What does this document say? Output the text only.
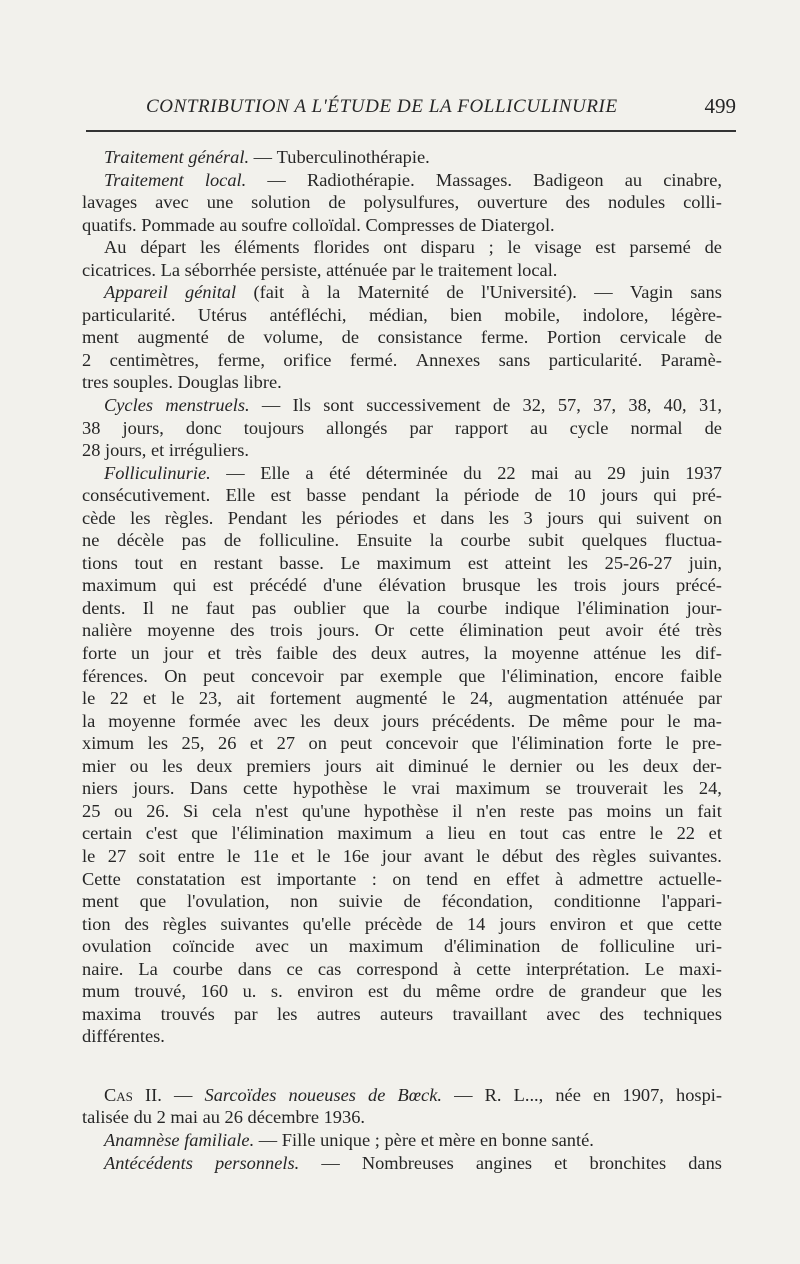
CONTRIBUTION A L'ÉTUDE DE LA FOLLICULINURIE	499
Traitement général. — Tuberculinothérapie.
Traitement local. — Radiothérapie. Massages. Badigeon au cinabre,
lavages avec une solution de polysulfures, ouverture des nodules colli-
quatifs. Pommade au soufre colloïdal. Compresses de Diatergol.
Au départ les éléments florides ont disparu ; le visage est parsemé de
cicatrices. La séborrhée persiste, atténuée par le traitement local.
Appareil génital (fait à la Maternité de l'Université). — Vagin sans
particularité. Utérus antéfléchi, médian, bien mobile, indolore, légère-
ment augmenté de volume, de consistance ferme. Portion cervicale de
2 centimètres, ferme, orifice fermé. Annexes sans particularité. Paramè-
tres souples. Douglas libre.
Cycles menstruels. — Ils sont successivement de 32, 57, 37, 38, 40, 31,
38 jours, donc toujours allongés par rapport au cycle normal de
28 jours, et irréguliers.
Folliculinurie. — Elle a été déterminée du 22 mai au 29 juin 1937
consécutivement. Elle est basse pendant la période de 10 jours qui pré-
cède les règles. Pendant les périodes et dans les 3 jours qui suivent on
ne décèle pas de folliculine. Ensuite la courbe subit quelques fluctua-
tions tout en restant basse. Le maximum est atteint les 25-26-27 juin,
maximum qui est précédé d'une élévation brusque les trois jours précé-
dents. Il ne faut pas oublier que la courbe indique l'élimination jour-
nalière moyenne des trois jours. Or cette élimination peut avoir été très
forte un jour et très faible des deux autres, la moyenne atténue les dif-
férences. On peut concevoir par exemple que l'élimination, encore faible
le 22 et le 23, ait fortement augmenté le 24, augmentation atténuée par
la moyenne formée avec les deux jours précédents. De même pour le ma-
ximum les 25, 26 et 27 on peut concevoir que l'élimination forte le pre-
mier ou les deux premiers jours ait diminué le dernier ou les deux der-
niers jours. Dans cette hypothèse le vrai maximum se trouverait les 24,
25 ou 26. Si cela n'est qu'une hypothèse il n'en reste pas moins un fait
certain c'est que l'élimination maximum a lieu en tout cas entre le 22 et
le 27 soit entre le 11e et le 16e jour avant le début des règles suivantes.
Cette constatation est importante : on tend en effet à admettre actuelle-
ment que l'ovulation, non suivie de fécondation, conditionne l'appari-
tion des règles suivantes qu'elle précède de 14 jours environ et que cette
ovulation coïncide avec un maximum d'élimination de folliculine uri-
naire. La courbe dans ce cas correspond à cette interprétation. Le maxi-
mum trouvé, 160 u. s. environ est du même ordre de grandeur que les
maxima trouvés par les autres auteurs travaillant avec des techniques
différentes.
Cas II. — Sarcoïdes noueuses de Bœck. — R. L..., née en 1907, hospi-
talisée du 2 mai au 26 décembre 1936.
Anamnèse familiale. — Fille unique ; père et mère en bonne santé.
Antécédents personnels. — Nombreuses angines et bronchites dans
